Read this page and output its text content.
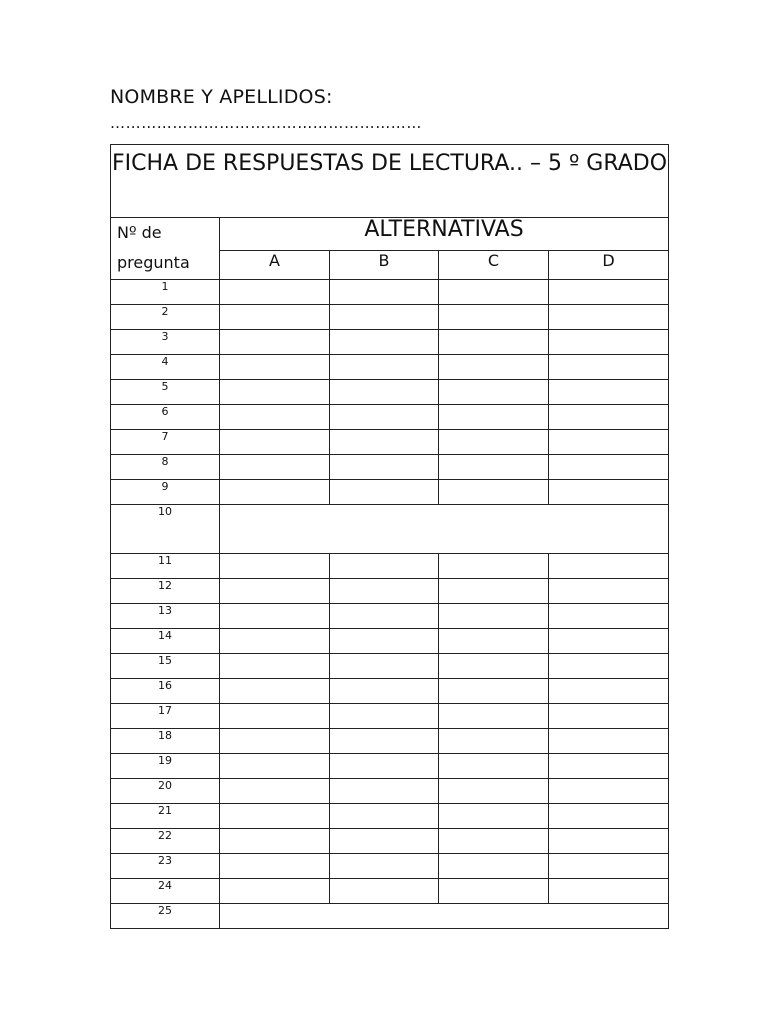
NOMBRE Y APELLIDOS:
……………………………………………………
FICHA DE RESPUESTAS DE LECTURA.. – 5 º GRADO				
Nº de pregunta	ALTERNATIVAS			
	A	B	C	D
1				
2				
3				
4				
5				
6				
7				
8				
9				
10				
11				
12				
13				
14				
15				
16				
17				
18				
19				
20				
21				
22				
23				
24				
25				
